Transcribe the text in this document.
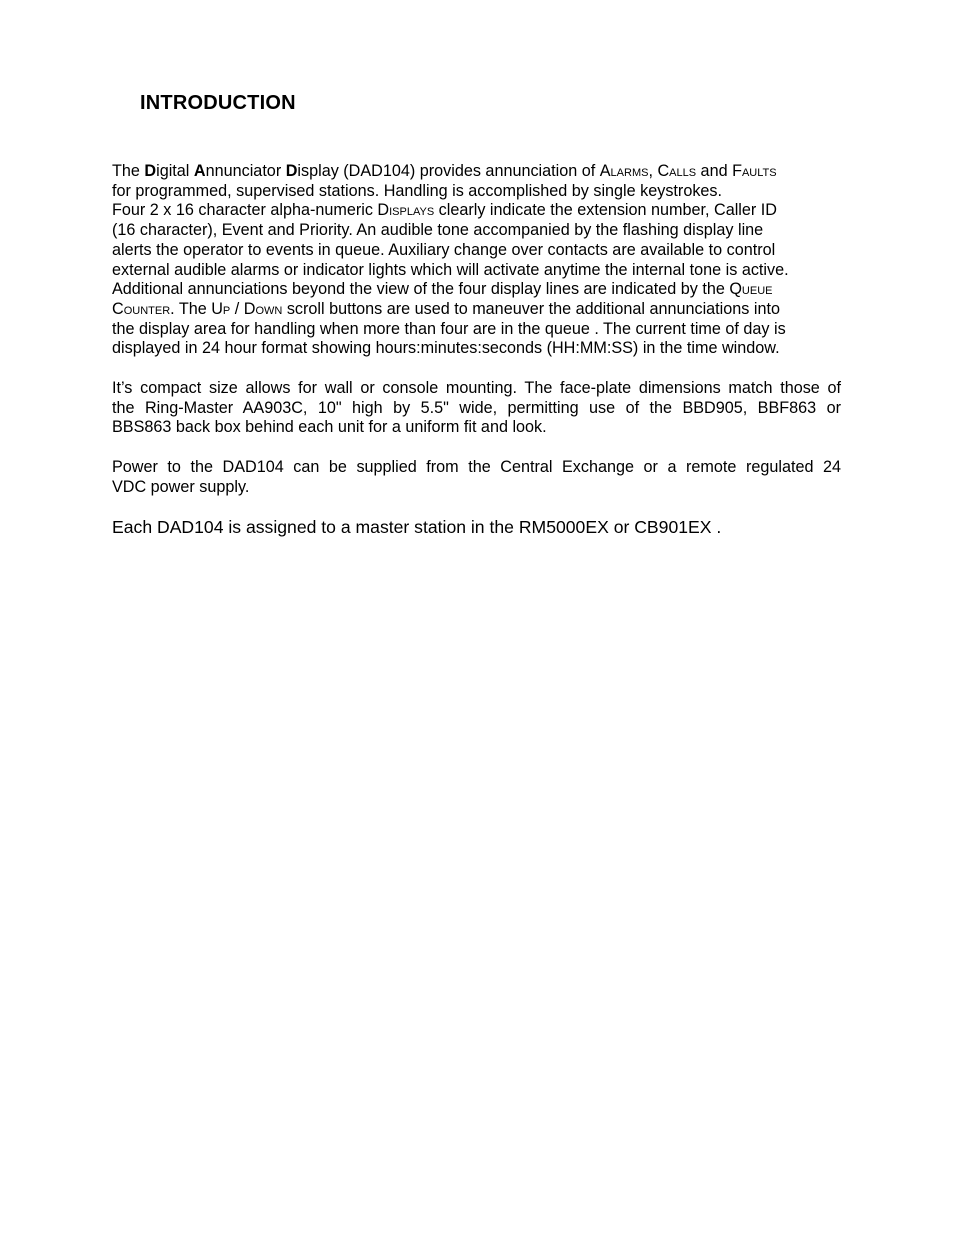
INTRODUCTION
The Digital Annunciator Display (DAD104) provides annunciation of Alarms, Calls and Faults
for programmed, supervised stations. Handling is accomplished by single keystrokes.
Four 2 x 16 character alpha-numeric Displays clearly indicate the extension number, Caller ID
(16 character), Event and Priority. An audible tone accompanied by the flashing display line
alerts the operator to events in queue. Auxiliary change over contacts are available to control
external audible alarms or indicator lights which will activate anytime the internal tone is active.
Additional annunciations beyond the view of the four display lines are indicated by the Queue
Counter. The Up / Down scroll buttons are used to maneuver the additional annunciations into
the display area for handling when more than four are in the queue . The current time of day is
displayed in 24 hour format showing hours:minutes:seconds (HH:MM:SS) in the time window.
It’s compact size allows for wall or console mounting. The face-plate dimensions match those of
the Ring-Master AA903C, 10" high by 5.5" wide, permitting use of the BBD905, BBF863 or
BBS863 back box behind each unit for a uniform fit and look.
Power to the DAD104 can be supplied from the Central Exchange or a remote regulated 24
VDC power supply.
Each DAD104 is assigned to a master station in the RM5000EX or CB901EX .
